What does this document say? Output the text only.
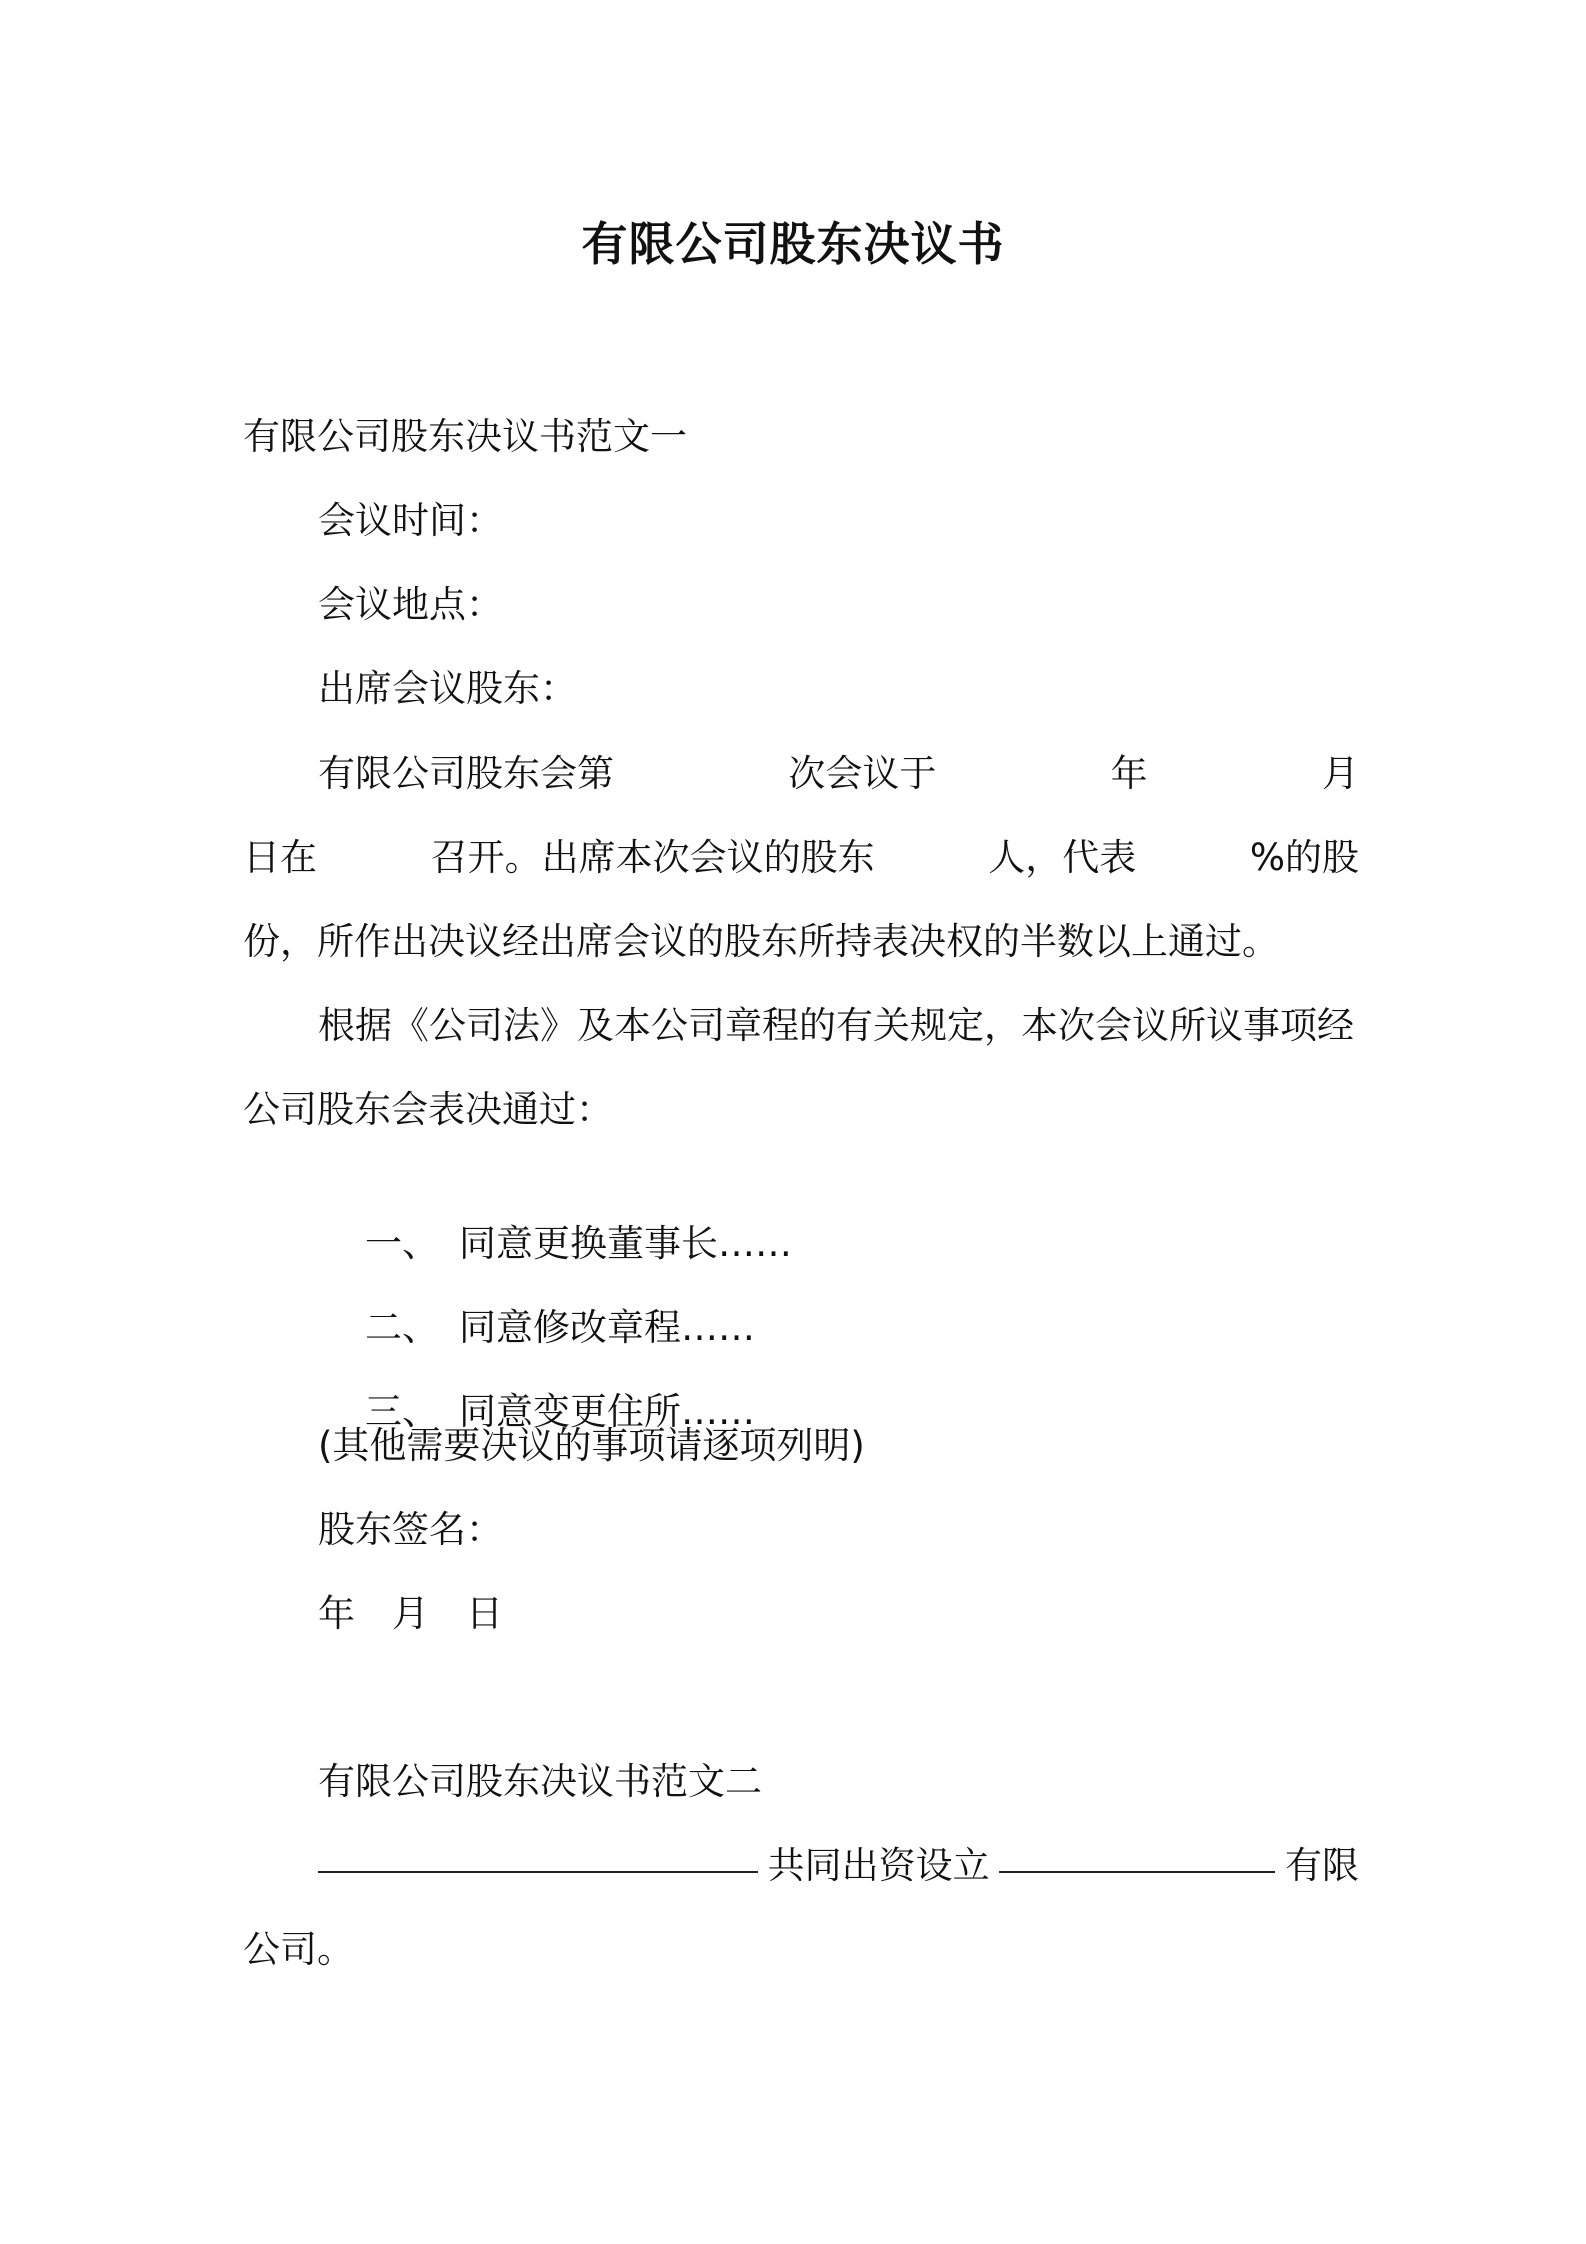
有限公司股东决议书
有限公司股东决议书范文一
会议时间：
会议地点：
出席会议股东：
有限公司股东会第	次会议于	年	月
日在	召开。出席本次会议的股东	人，代表	%的股
份，所作出决议经出席会议的股东所持表决权的半数以上通过。
根据《公司法》及本公司章程的有关规定，本次会议所议事项经
公司股东会表决通过：

一、 同意更换董事长……

二、 同意修改章程……

三、 同意变更住所……

(其他需要决议的事项请逐项列明)
股东签名：
年　月　日
有限公司股东决议书范文二
共同出资设立	有限
公司。
